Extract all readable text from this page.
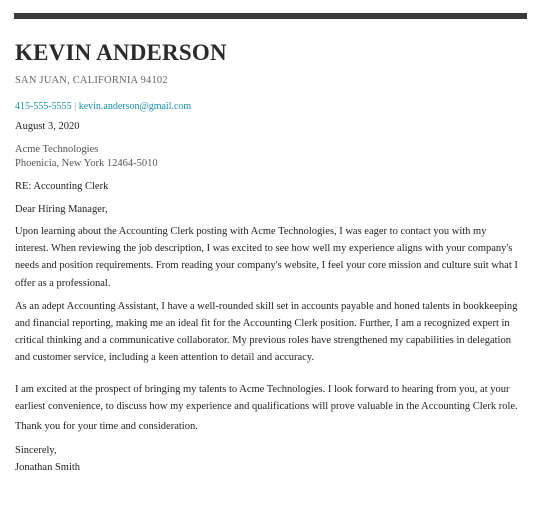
KEVIN ANDERSON
SAN JUAN, CALIFORNIA 94102
415-555-5555 | kevin.anderson@gmail.com
August 3, 2020
Acme Technologies
Phoenicia, New York 12464-5010
RE: Accounting Clerk
Dear Hiring Manager,
Upon learning about the Accounting Clerk posting with Acme Technologies, I was eager to contact you with my interest. When reviewing the job description, I was excited to see how well my experience aligns with your company's needs and position requirements. From reading your company's website, I feel your core mission and culture suit what I offer as a professional.
As an adept Accounting Assistant, I have a well-rounded skill set in accounts payable and honed talents in bookkeeping and financial reporting, making me an ideal fit for the Accounting Clerk position. Further, I am a recognized expert in critical thinking and a communicative collaborator. My previous roles have strengthened my capabilities in delegation and customer service, including a keen attention to detail and accuracy.
I am excited at the prospect of bringing my talents to Acme Technologies. I look forward to hearing from you, at your earliest convenience, to discuss how my experience and qualifications will prove valuable in the Accounting Clerk role.
Thank you for your time and consideration.
Sincerely,
Jonathan Smith
